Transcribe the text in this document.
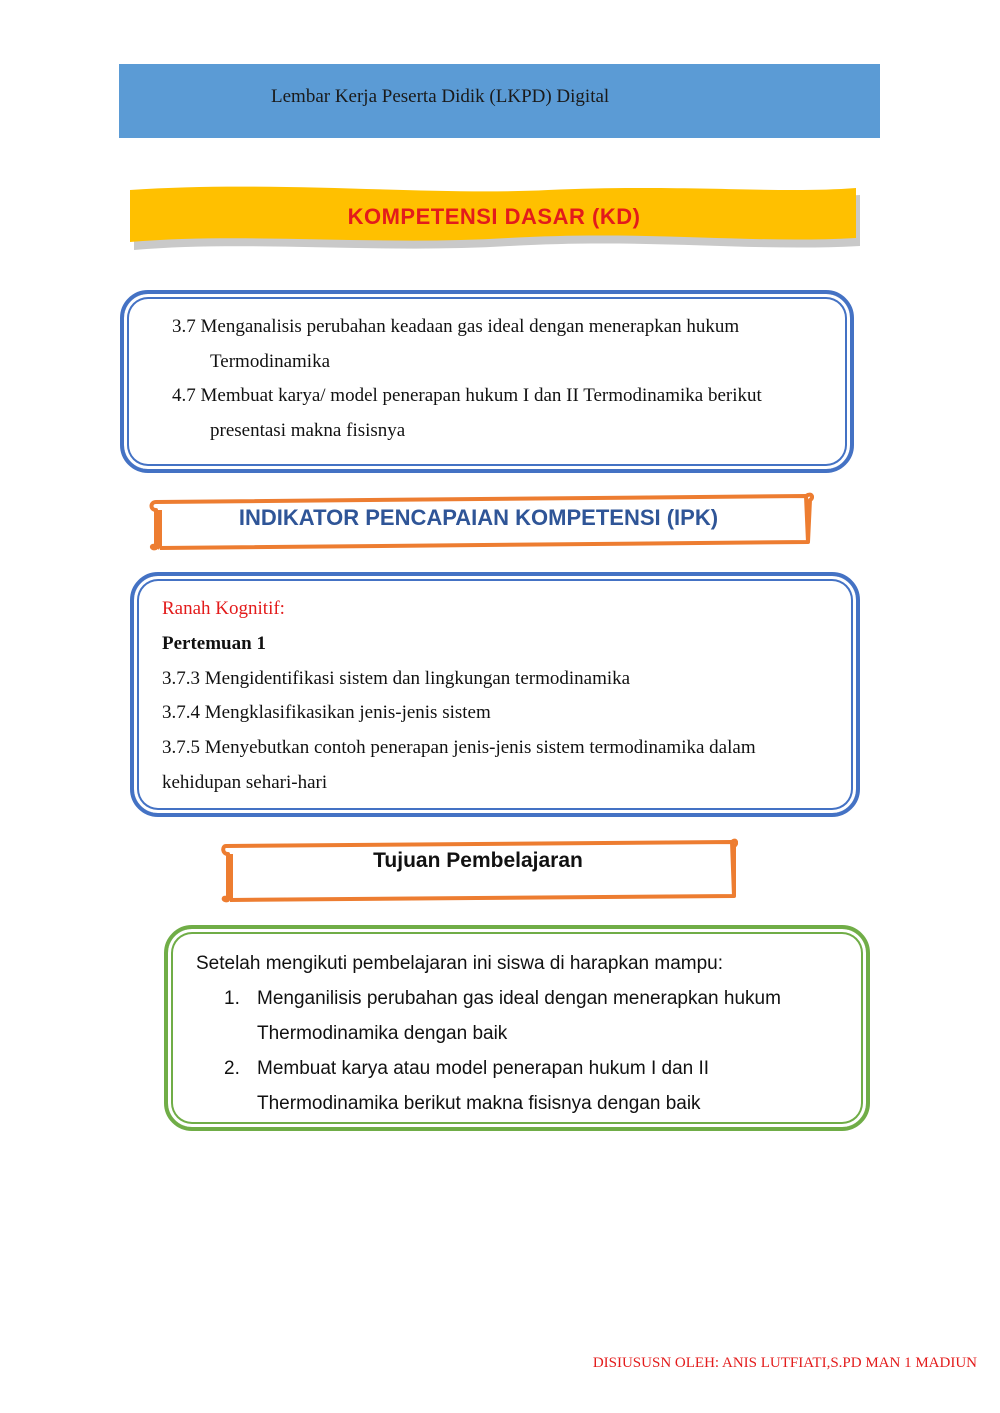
Lembar Kerja Peserta Didik (LKPD) Digital
KOMPETENSI DASAR (KD)
3.7 Menganalisis perubahan keadaan gas ideal dengan menerapkan hukum
Termodinamika
4.7 Membuat karya/ model penerapan hukum I dan II Termodinamika berikut
presentasi makna fisisnya
INDIKATOR PENCAPAIAN KOMPETENSI (IPK)
Ranah Kognitif:
Pertemuan 1
3.7.3 Mengidentifikasi sistem dan lingkungan termodinamika
3.7.4 Mengklasifikasikan jenis-jenis sistem
3.7.5 Menyebutkan contoh penerapan jenis-jenis sistem termodinamika dalam
kehidupan sehari-hari
Tujuan Pembelajaran
Setelah mengikuti pembelajaran ini siswa di harapkan mampu:
1. Menganilisis perubahan gas ideal dengan menerapkan hukum
Thermodinamika dengan baik
2. Membuat karya atau model penerapan hukum I dan II
Thermodinamika berikut makna fisisnya dengan baik
DISIUSUSN OLEH: ANIS LUTFIATI,S.PD MAN 1 MADIUN
